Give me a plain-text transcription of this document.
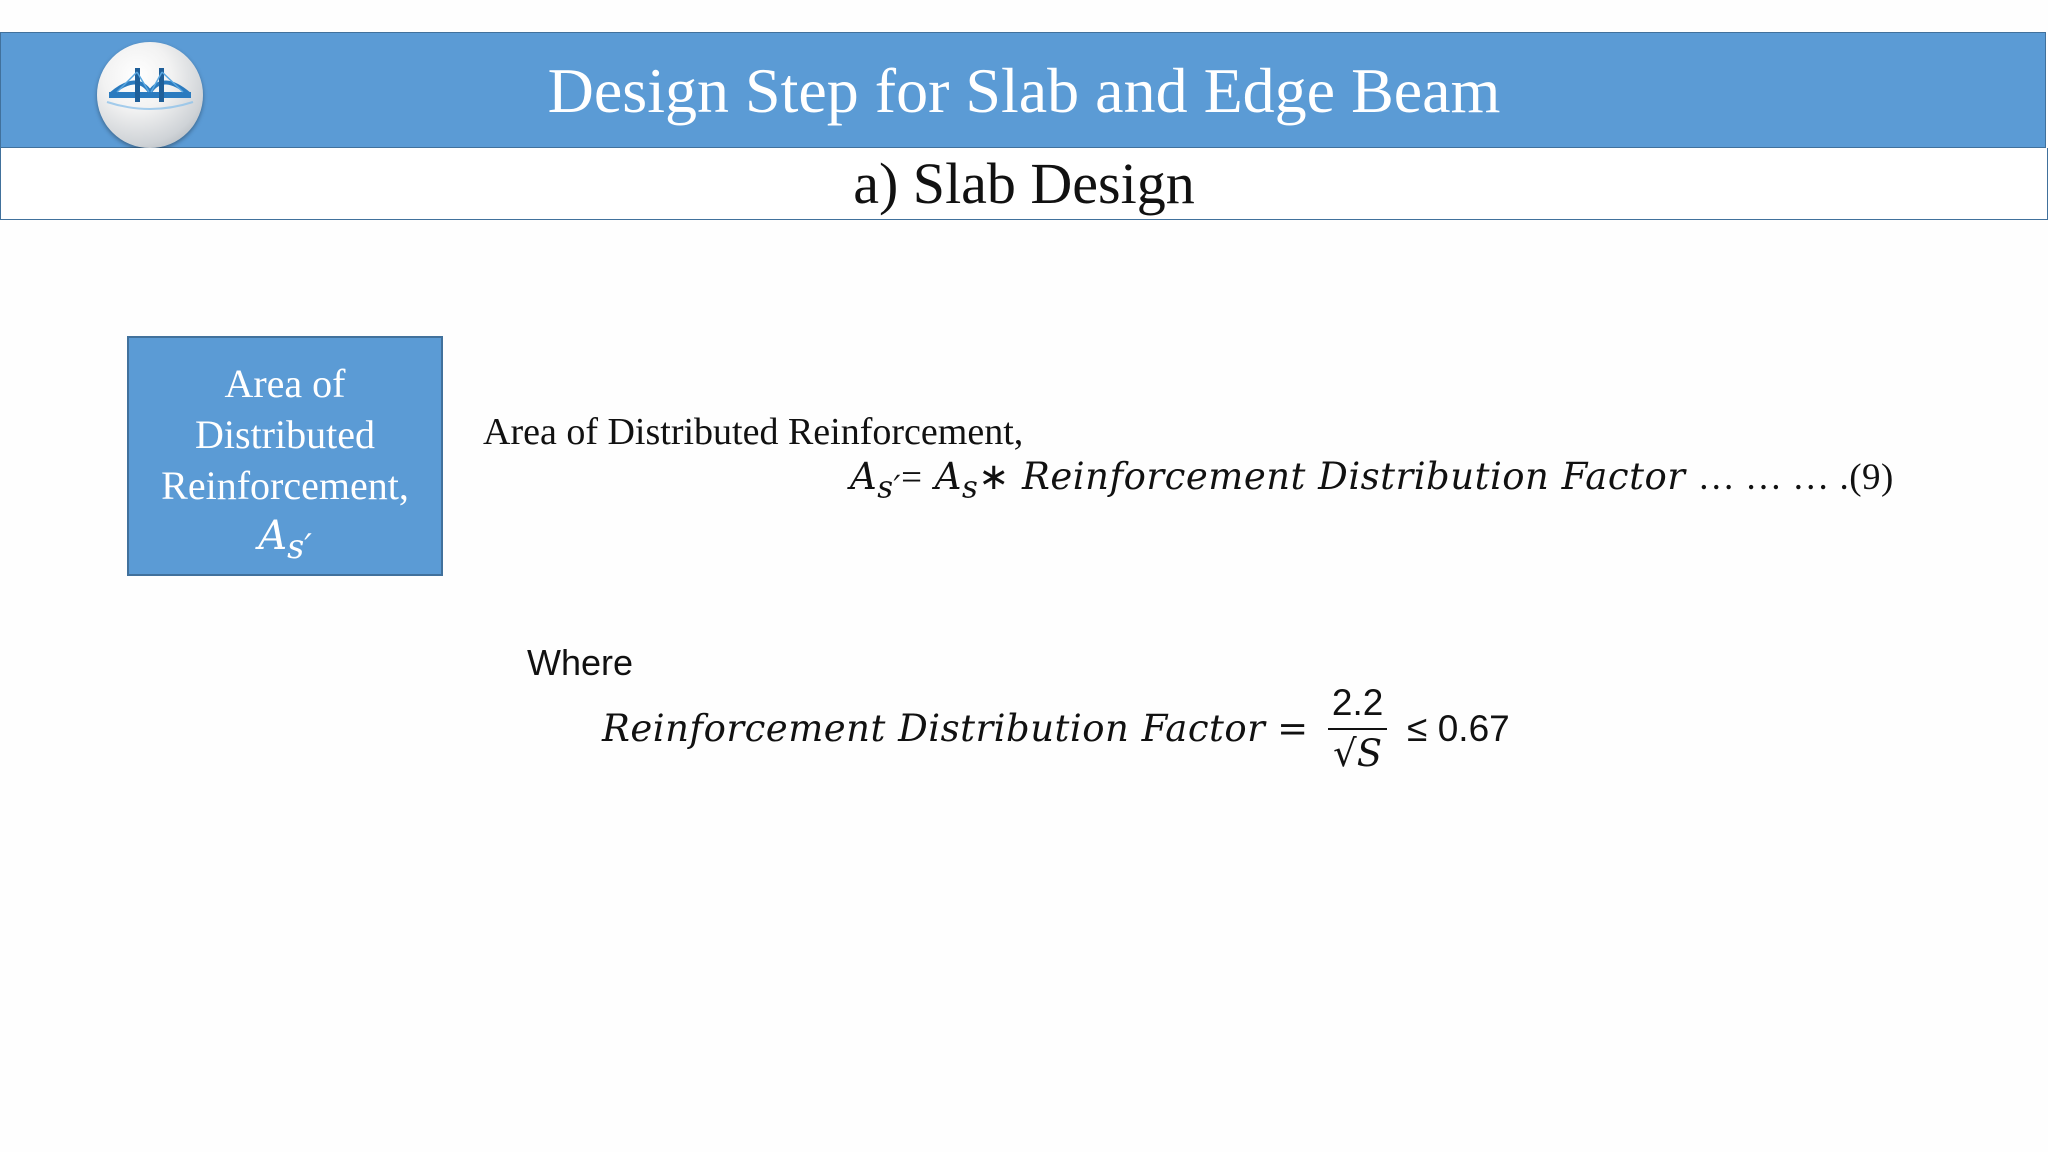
Design Step for Slab and Edge Beam
a) Slab Design
Area of
Distributed
Reinforcement,
$A_{s'}$
Area of Distributed Reinforcement,
$A_{s'}=$ $A_s∗$ Reinforcement Distribution Factor … … … .(9)
Where
Reinforcement Distribution Factor = $\frac{2.2}{√S} \le 0.67$
